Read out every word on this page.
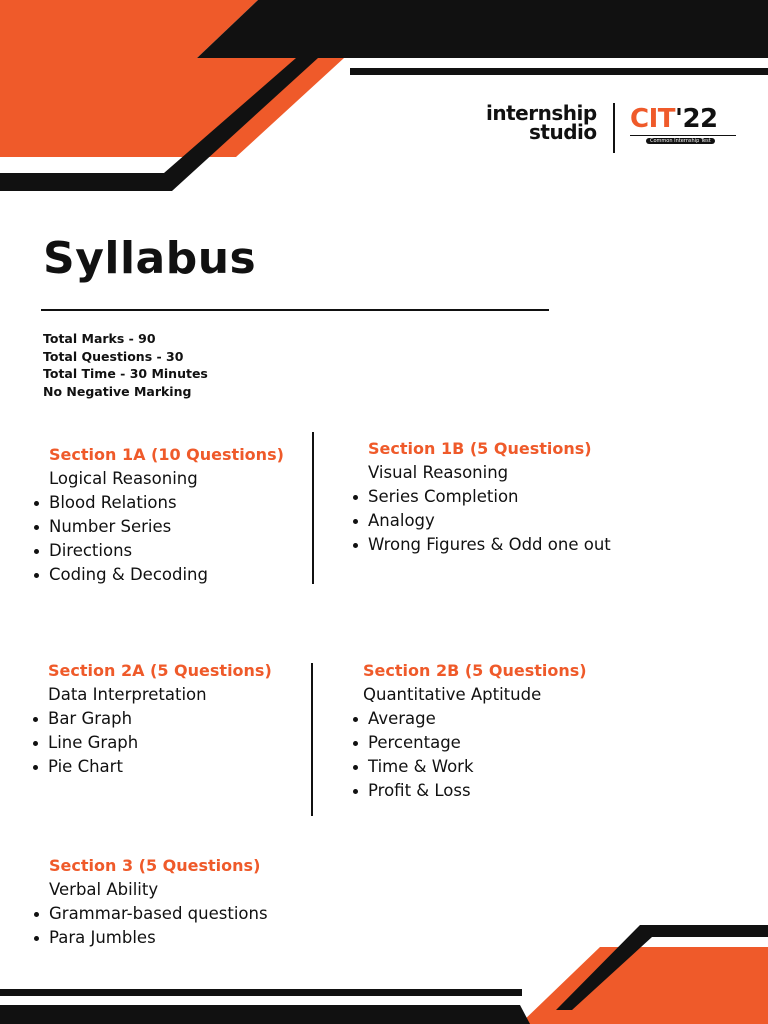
internship
studio CIT'22
Common Internship Test
Syllabus
Total Marks - 90
Total Questions - 30
Total Time - 30 Minutes
No Negative Marking
Section 1A (10 Questions)
Logical Reasoning
Blood Relations
Number Series
Directions
Coding & Decoding
Section 1B (5 Questions)
Visual Reasoning
Series Completion
Analogy
Wrong Figures & Odd one out
Section 2A (5 Questions)
Data Interpretation
Bar Graph
Line Graph
Pie Chart
Section 2B (5 Questions)
Quantitative Aptitude
Average
Percentage
Time & Work
Profit & Loss
Section 3 (5 Questions)
Verbal Ability
Grammar-based questions
Para Jumbles
